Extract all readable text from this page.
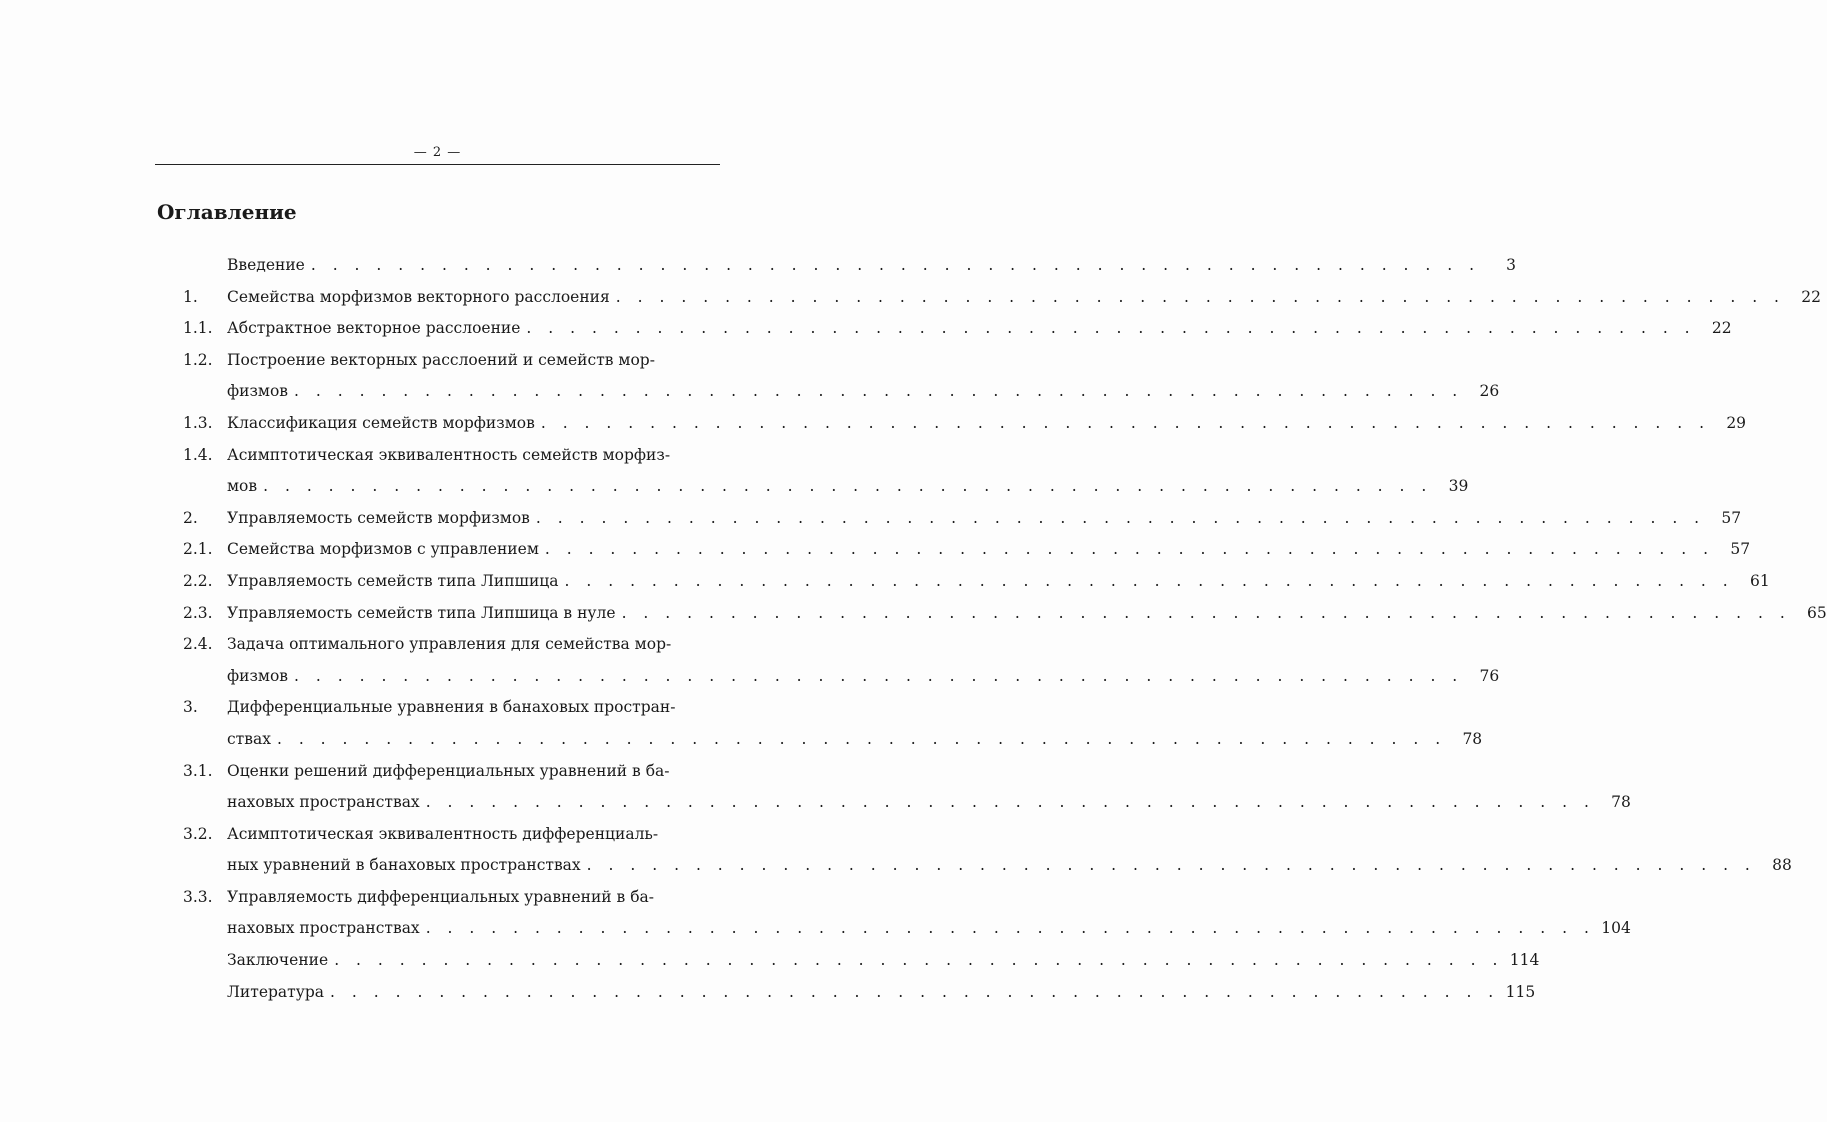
— 2 —
Оглавление
Введение . . . . . . . . . . . . . . . . . . . . . . . . . . . . . . . . . . . . . . . . . . . . . . . . . . . . . .	3
1.	Семейства морфизмов векторного расслоения . . . . . . . . . . . . . . . . . . . . . . . . . . . . . . . . . . . . . . . . . . . . . . . . . . . . . .	22
1.1. Абстрактное векторное расслоение . . . . . . . . . . . . . . . . . . . . . . . . . . . . . . . . . . . . . . . . . . . . . . . . . . . . . .	22
1.2. Построение векторных расслоений и семейств мор-
физмов . . . . . . . . . . . . . . . . . . . . . . . . . . . . . . . . . . . . . . . . . . . . . . . . . . . . . .	26
1.3. Классификация семейств морфизмов . . . . . . . . . . . . . . . . . . . . . . . . . . . . . . . . . . . . . . . . . . . . . . . . . . . . . .	29
1.4. Асимптотическая эквивалентность семейств морфиз-
мов . . . . . . . . . . . . . . . . . . . . . . . . . . . . . . . . . . . . . . . . . . . . . . . . . . . . . .	39
2.	Управляемость семейств морфизмов . . . . . . . . . . . . . . . . . . . . . . . . . . . . . . . . . . . . . . . . . . . . . . . . . . . . . .	57
2.1. Семейства морфизмов с управлением . . . . . . . . . . . . . . . . . . . . . . . . . . . . . . . . . . . . . . . . . . . . . . . . . . . . . .	57
2.2. Управляемость семейств типа Липшица . . . . . . . . . . . . . . . . . . . . . . . . . . . . . . . . . . . . . . . . . . . . . . . . . . . . . .	61
2.3. Управляемость семейств типа Липшица в нуле . . . . . . . . . . . . . . . . . . . . . . . . . . . . . . . . . . . . . . . . . . . . . . . . . . . . . .	65
2.4. Задача оптимального управления для семейства мор-
физмов . . . . . . . . . . . . . . . . . . . . . . . . . . . . . . . . . . . . . . . . . . . . . . . . . . . . . .	76
3.	Дифференциальные уравнения в банаховых простран-
ствах . . . . . . . . . . . . . . . . . . . . . . . . . . . . . . . . . . . . . . . . . . . . . . . . . . . . . .	78
3.1. Оценки решений дифференциальных уравнений в ба-
наховых пространствах . . . . . . . . . . . . . . . . . . . . . . . . . . . . . . . . . . . . . . . . . . . . . . . . . . . . . .	78
3.2. Асимптотическая эквивалентность дифференциаль-
ных уравнений в банаховых пространствах . . . . . . . . . . . . . . . . . . . . . . . . . . . . . . . . . . . . . . . . . . . . . . . . . . . . . .	88
3.3. Управляемость дифференциальных уравнений в ба-
наховых пространствах . . . . . . . . . . . . . . . . . . . . . . . . . . . . . . . . . . . . . . . . . . . . . . . . . . . . . . 104
Заключение . . . . . . . . . . . . . . . . . . . . . . . . . . . . . . . . . . . . . . . . . . . . . . . . . . . . . . 114
Литература . . . . . . . . . . . . . . . . . . . . . . . . . . . . . . . . . . . . . . . . . . . . . . . . . . . . . . 115
